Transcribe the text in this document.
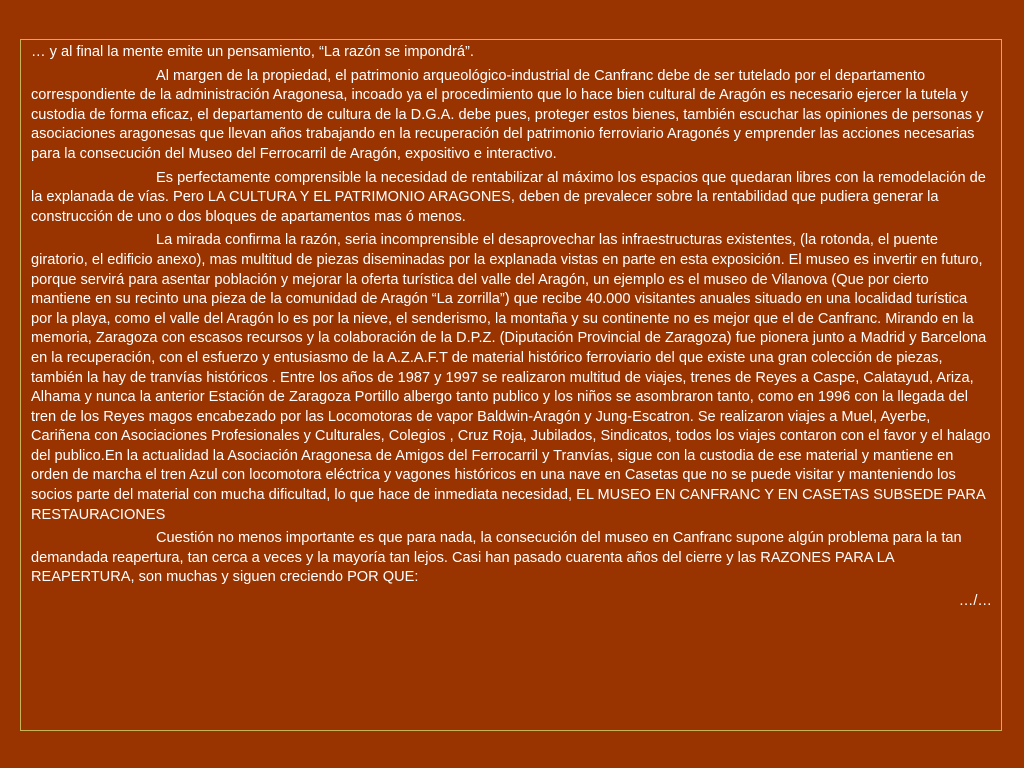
… y al final la mente emite un pensamiento, “La razón se impondrá”.

Al margen de la propiedad, el patrimonio arqueológico-industrial de Canfranc debe de ser tutelado por el departamento correspondiente de la administración Aragonesa, incoado ya el procedimiento que lo hace bien cultural de Aragón es necesario ejercer la tutela y custodia de forma eficaz, el departamento de cultura de la D.G.A. debe pues, proteger estos bienes, también escuchar las opiniones de personas y asociaciones aragonesas que llevan años trabajando en la recuperación del patrimonio ferroviario Aragonés y emprender las acciones necesarias para la consecución del Museo del Ferrocarril de Aragón, expositivo e interactivo.

Es perfectamente comprensible la necesidad de rentabilizar al máximo los espacios que quedaran libres con la remodelación de la explanada de vías. Pero LA CULTURA Y EL PATRIMONIO ARAGONES, deben de prevalecer sobre la rentabilidad que pudiera generar la construcción de uno o dos bloques de apartamentos mas ó menos.

La mirada confirma la razón, seria incomprensible el desaprovechar las infraestructuras existentes, (la rotonda, el puente giratorio, el edificio anexo), mas multitud de piezas diseminadas por la explanada vistas en parte en esta exposición. El museo es invertir en futuro, porque servirá para asentar población y mejorar la oferta turística del valle del Aragón, un ejemplo es el museo de Vilanova (Que por cierto mantiene en su recinto una pieza de la comunidad de Aragón “La zorrilla”) que recibe 40.000 visitantes anuales situado en una localidad turística por la playa, como el valle del Aragón lo es por la nieve, el senderismo, la montaña y su continente no es mejor que el de Canfranc. Mirando en la memoria, Zaragoza con escasos recursos y la colaboración de la D.P.Z. (Diputación Provincial de Zaragoza) fue pionera junto a Madrid y Barcelona en la recuperación, con el esfuerzo y entusiasmo de la A.Z.A.F.T de material histórico ferroviario del que existe una gran colección de piezas, también la hay de tranvías históricos . Entre los años de 1987 y 1997 se realizaron multitud de viajes, trenes de Reyes a Caspe, Calatayud, Ariza, Alhama y nunca la anterior Estación de Zaragoza Portillo albergo tanto publico y los niños se asombraron tanto, como en 1996 con la llegada del tren de los Reyes magos encabezado por las Locomotoras de vapor Baldwin-Aragón y Jung-Escatron. Se realizaron viajes a Muel, Ayerbe, Cariñena con Asociaciones Profesionales y Culturales, Colegios , Cruz Roja, Jubilados, Sindicatos, todos los viajes contaron con el favor y el halago del publico.En la actualidad la Asociación Aragonesa de Amigos del Ferrocarril y Tranvías, sigue con la custodia de ese material y mantiene en orden de marcha el tren Azul con locomotora eléctrica y vagones históricos en una nave en Casetas que no se puede visitar y manteniendo los socios parte del material con mucha dificultad, lo que hace de inmediata necesidad, EL MUSEO EN CANFRANC Y EN CASETAS SUBSEDE PARA RESTAURACIONES

Cuestión no menos importante es que para nada, la consecución del museo en Canfranc supone algún problema para la tan demandada reapertura, tan cerca a veces y la mayoría tan lejos. Casi han pasado cuarenta años del cierre y las RAZONES PARA LA REAPERTURA, son muchas y siguen creciendo POR QUE:

…/…
